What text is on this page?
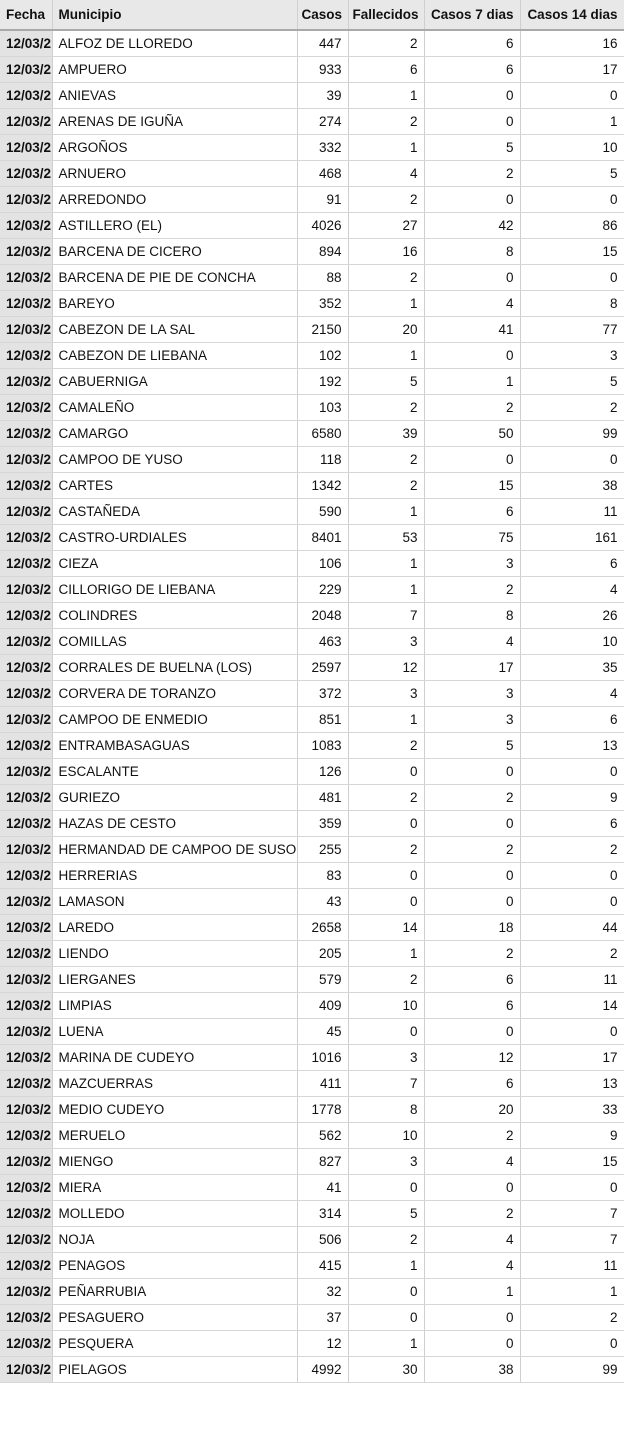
Fecha	Municipio	Casos	Fallecidos	Casos 7 dias	Casos 14 dias
12/03/2	ALFOZ DE LLOREDO	447	2	6	16
12/03/2	AMPUERO	933	6	6	17
12/03/2	ANIEVAS	39	1	0	0
12/03/2	ARENAS DE IGUÑA	274	2	0	1
12/03/2	ARGOÑOS	332	1	5	10
12/03/2	ARNUERO	468	4	2	5
12/03/2	ARREDONDO	91	2	0	0
12/03/2	ASTILLERO (EL)	4026	27	42	86
12/03/2	BARCENA DE CICERO	894	16	8	15
12/03/2	BARCENA DE PIE DE CONCHA	88	2	0	0
12/03/2	BAREYO	352	1	4	8
12/03/2	CABEZON DE LA SAL	2150	20	41	77
12/03/2	CABEZON DE LIEBANA	102	1	0	3
12/03/2	CABUERNIGA	192	5	1	5
12/03/2	CAMALEÑO	103	2	2	2
12/03/2	CAMARGO	6580	39	50	99
12/03/2	CAMPOO DE YUSO	118	2	0	0
12/03/2	CARTES	1342	2	15	38
12/03/2	CASTAÑEDA	590	1	6	11
12/03/2	CASTRO-URDIALES	8401	53	75	161
12/03/2	CIEZA	106	1	3	6
12/03/2	CILLORIGO DE LIEBANA	229	1	2	4
12/03/2	COLINDRES	2048	7	8	26
12/03/2	COMILLAS	463	3	4	10
12/03/2	CORRALES DE BUELNA (LOS)	2597	12	17	35
12/03/2	CORVERA DE TORANZO	372	3	3	4
12/03/2	CAMPOO DE ENMEDIO	851	1	3	6
12/03/2	ENTRAMBASAGUAS	1083	2	5	13
12/03/2	ESCALANTE	126	0	0	0
12/03/2	GURIEZO	481	2	2	9
12/03/2	HAZAS DE CESTO	359	0	0	6
12/03/2	HERMANDAD DE CAMPOO DE SUSO	255	2	2	2
12/03/2	HERRERIAS	83	0	0	0
12/03/2	LAMASON	43	0	0	0
12/03/2	LAREDO	2658	14	18	44
12/03/2	LIENDO	205	1	2	2
12/03/2	LIERGANES	579	2	6	11
12/03/2	LIMPIAS	409	10	6	14
12/03/2	LUENA	45	0	0	0
12/03/2	MARINA DE CUDEYO	1016	3	12	17
12/03/2	MAZCUERRAS	411	7	6	13
12/03/2	MEDIO CUDEYO	1778	8	20	33
12/03/2	MERUELO	562	10	2	9
12/03/2	MIENGO	827	3	4	15
12/03/2	MIERA	41	0	0	0
12/03/2	MOLLEDO	314	5	2	7
12/03/2	NOJA	506	2	4	7
12/03/2	PENAGOS	415	1	4	11
12/03/2	PEÑARRUBIA	32	0	1	1
12/03/2	PESAGUERO	37	0	0	2
12/03/2	PESQUERA	12	1	0	0
12/03/2	PIELAGOS	4992	30	38	99
